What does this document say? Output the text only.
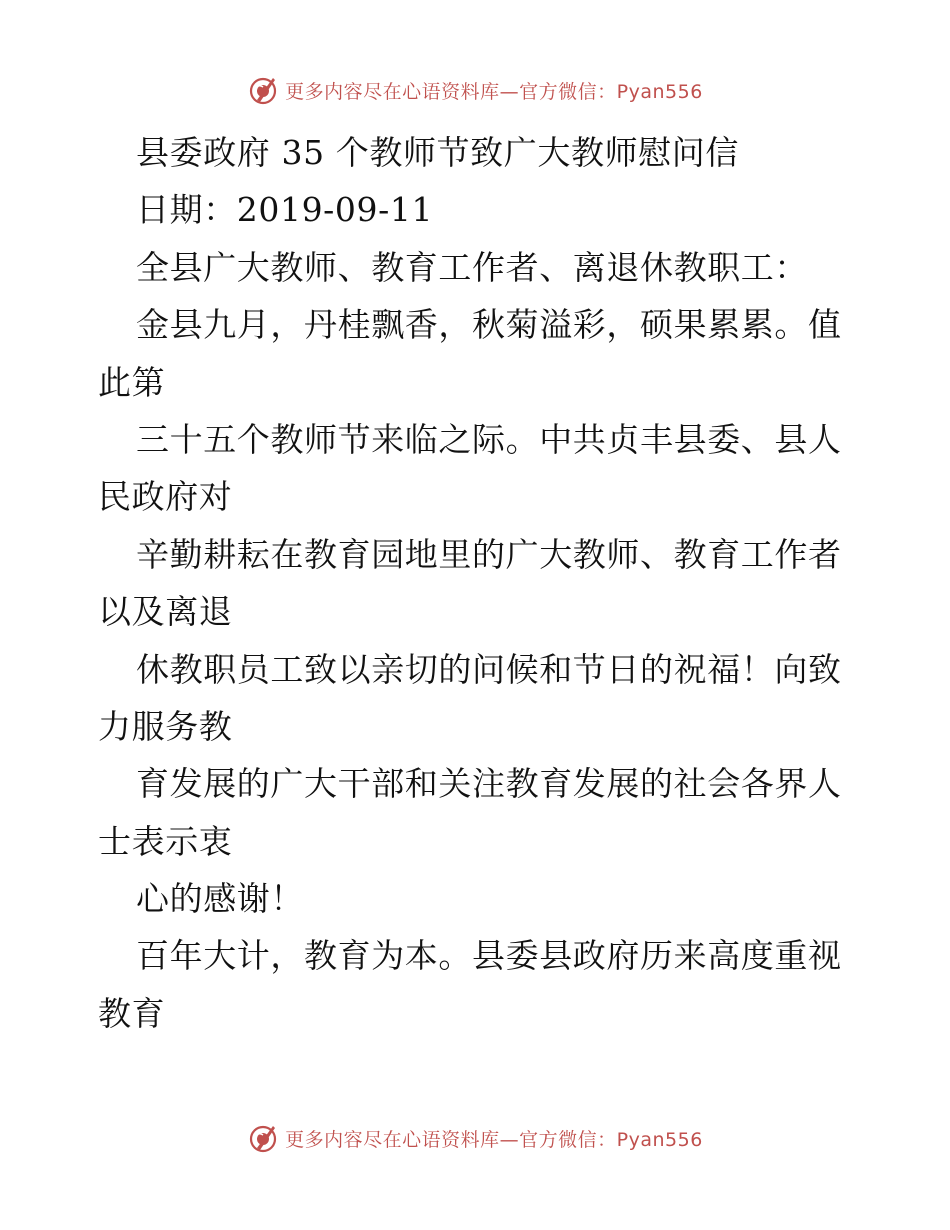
更多内容尽在心语资料库—官方微信：Pyan556
县委政府 35 个教师节致广大教师慰问信
日期：2019-09-11
全县广大教师、教育工作者、离退休教职工：
金县九月，丹桂飘香，秋菊溢彩，硕果累累。值
此第
三十五个教师节来临之际。中共贞丰县委、县人
民政府对
辛勤耕耘在教育园地里的广大教师、教育工作者
以及离退
休教职员工致以亲切的问候和节日的祝福！向致
力服务教
育发展的广大干部和关注教育发展的社会各界人
士表示衷
心的感谢！
百年大计，教育为本。县委县政府历来高度重视
教育
更多内容尽在心语资料库—官方微信：Pyan556
